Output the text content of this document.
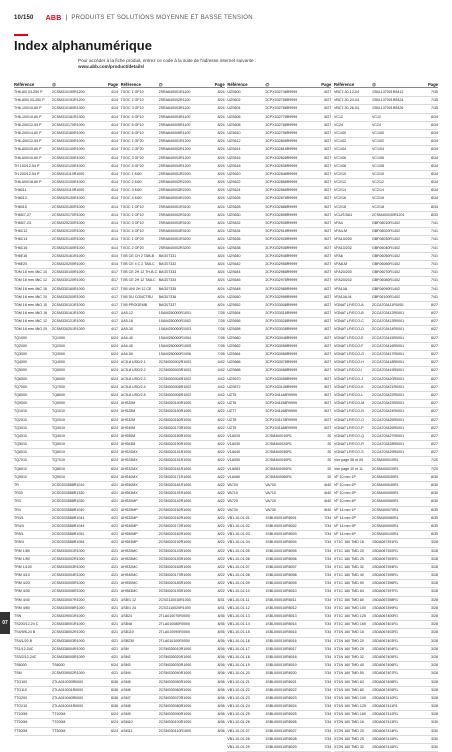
10/150 ABB | PRODUITS ET SOLUTIONS MOYENNE ET BASSE TENSION
Index alphanumérique
Pour accéder à la fiche produit, entrez ce code à la suite de l'adresse internet suivante :
www.abb.com/product/details/
Référence	@	Page
TH6-60/ 03-250 P	2CSM310190R1200	4/14
TH6-60/0 03-250 P	2CSM310191R1200	4/14
TH6-100/10-60 P	2CSM310180R1300	4/14
TH6-100/10-60 P	2CSM310181R1300	4/14
TH6-200/12-54 P	2CSM310170R1000	4/14
TH6-200/14-60 P	2CSM310160R1000	4/14
TH6-400/12-54 P	2CSM310150R1000	4/14
TH6-600/20-60 P	2CSM310140R1000	4/14
TH6-600/10-60 P	2CSM310130R1000	4/14
TH 100/12-54 P	2CSM310120R1000	4/14
TH 200/12-54 P	2CSM310110R1000	4/14
TH6-600/18-60 P	2CSM310100R1000	4/14
TH6011	2CSM320110R1000	4/14
TH6013	2CSM320130R1000	4/14
TH6015	2CSM320150R1000	4/14
TH65/7-27	2CSM320170R1000	4/14
TH65/7-23	2CSM320230R1000	4/14
TH6C12	2CSM320120R1000	4/14
TH6C14	2CSM320140R1000	4/14
TH6C16	2CSM320160R1000	4/14
TH6E16	2CSM320161R1000	4/14
TH6E20	2CSM320200R1000	4/14
TDM 18 mm 4NC 10	2CSM330100R1000	4/17
TDM 18 mm 4NC 12	2CSM330120R1000	4/17
TDM 18 mm 4NC 16	2CSM330160R1000	4/17
TDM 18 mm 4NC 20	2CSM330200R1000	4/17
TDM 18 mm 4NO 10	2CSM330101R1000	4/17
TDM 18 mm 4NO 16	2CSM330161R1000	4/17
TDM 18 mm 4NC 12	2CSM330121R1000	4/17
TDM 18 mm 4NO 20	2CSM330201R1000	4/17
TQ1000	TQ1000	6/24
TQ2000	TQ2000	6/24
TQ3000	TQ3000	6/24
TQ4000	TQ4000	6/24
TQ5000	TQ5000	6/24
TQ6000	TQ6000	6/24
TQ7000	TQ7000	6/24
TQ8000	TQ8000	6/24
TQ9000	TQ9000	6/24
TQ1010	TQ1010	6/24
TQ2010	TQ2010	6/24
TQ3010	TQ3010	6/24
TQ4010	TQ4010	6/24
TQ5010	TQ5010	6/24
TQ6010	TQ6010	6/24
TQ7010	TQ7010	6/24
TQ8010	TQ8010	6/24
TQ9010	TQ9010	6/24
TR	2CSG033588R1010	4/21
TR33	2CSG033588R1330	4/21
TR3	2CSG033588R1030	4/21
TR4	2CSG033588R1040	4/21
TR4/1	2CSG033588R1041	4/21
TR4/4	2CSG033588R1044	4/21
TR5/1	2CSG033588R1051	4/21
TR5/4	2CSG033588R1054	4/21
TRM 1/80	2CSM330001R1000	4/21
TRM 1/90	2CSM330002R1000	4/21
TRM 1/100	2CSM330003R1000	4/21
TRM 4/10	2CSM330004R1000	4/21
TRM 4/20	2CSM330005R1000	4/21
TRM 4/30	2CSM330006R1000	4/21
TRM 4/40	2CSM330007R1000	4/21
TRM 4/60	2CSM330008R1000	4/21
TSN	2CSM339001R1000	4/21
TS200/12-24 C	2CSM338001R1000	4/21
TS4/9/8-24 B	2CSM338002R1000	4/21
TS4/1/20 B	2CSM338003R1000	4/21
TS1/12-24C	2CSM338004R1000	4/21
TS3/2/12-24C	2CSM338005R1000	4/21
TS6000	TS6000	6/24
TSM	2CSM339002R1000	4/21
TTG100	2TLA010030R0000	8/36
TTG110	2TLA010031R0000	8/36
TTG200	2TLA010040R0000	8/36
TTG210	2TLA010041R0000	8/36
TT100M	TT100M	6/24
TT200M	TT200M	6/24
TT300M	TT300M	6/24
Référence	@	Page
TXOC 1 GF10	2SRA640001R1100	8/24
TXOC 2 GF10	2SRA640002R1100	8/24
TXOC 3 GF10	2SRA640003R1100	8/24
TXOC 4 GF10	2SRA640004R1100	8/24
TXOC 5 GF10	2SRA640005R1100	8/24
TXOC 6 GF10	2SRA640006R1100	8/24
TXOC 1 GF20	2SRA640001R1200	8/24
TXOC 2 GF20	2SRA640002R1200	8/24
TXOC 3 GF20	2SRA640003R1200	8/24
TXOC 4 GF20	2SRA640004R1200	8/24
TXOC 1 M20	2SRA640001R2200	8/24
TXOC 2 M20	2SRA640002R2200	8/24
TXOC 3 M20	2SRA640003R2200	8/24
TXOC 4 M20	2SRA640004R2200	8/24
TXOC 1 OF10	2SRA640001R3100	8/24
TXOC 2 OF10	2SRA640002R3100	8/24
TXOC 3 OF10	2SRA640003R3100	8/24
TXOC 4 OF10	2SRA640004R3100	8/24
TXOC 1 OF20	2SRA640001R3200	8/24
TXOC 2 OF20	2SRA640002R3200	8/24
TXB CE CH 2 TAB-B	BAG07331	8/24
TXB CE 4 C 2 TAB-C	BAG07332	8/24
TXB CE 2H 12 TH-B-C BAG07333	8/24
TXB CE 2H 12 TAB-C BAG07334	8/24
TXB UNI 2H 12 CE	BAG07335	8/24
TXB DU CONCTRU	BAG07336	8/24
TXB PROGEMB	BAG07337	8/24
UA5-12	1SAM250000R1001	7/28
UA5-16	1SAM250000R1002	7/28
UA5-30	1SAM250000R1003	7/28
UA5-40	1SAM250000R1004	7/28
UA5-45	1SAM250000R1005	7/28
UA5-50	1SAM250000R1006	7/28
UC5-8 USD/2.1	2CSM300002R1002	4/42
UC5-8 USD/2.2	2CSM300003R1002	4/42
UC5-8 USD/2.3	2CSM300004R1002	4/42
UC5-8 USD/2.4	2CSM300005R1002	4/42
UC5-8 USD/2.5	2CSM300006R1002	4/42
UHS20M	2CSM320140R1000	8/22
UHS25M	2CSM320150R1000	8/22
UHS32M	2CSM320160R1000	8/22
UHS40M	2CSM320170R1000	8/22
UHS50M	2CSM320180R1000	8/22
UHS63M	2CSM320190R1000	8/22
UHS20MX	2CSM320141R1000	8/22
UHS25MX	2CSM320151R1000	8/22
UHS32MX	2CSM320161R1000	8/22
UHS40MX	2CSM320171R1000	8/22
UHS50MX	2CSM320181R1000	8/22
UHS63MX	2CSM320191R1000	8/22
UHS20MP	2CSM320142R1000	8/22
UHS25MP	2CSM320152R1000	8/22
UHS32MP	2CSM320162R1000	8/22
UHS40MP	2CSM320172R1000	8/22
UHS50MP	2CSM320182R1000	8/22
UHS63MP	2CSM320192R1000	8/22
UHS20MC	2CSM320143R1000	8/22
UHS25MC	2CSM320153R1000	8/22
UHS32MC	2CSM320163R1000	8/22
UHS40MC	2CSM320173R1000	8/22
UHS50MC	2CSM320183R1000	8/22
UHS63MC	2CSM320193R1000	8/22
USB/1 12	2CSG110010R1000	8/31
USB/1 24	2CSG110020R1000	8/31
USB24	2TLA010070R0000	8/36
USB48	2TLA010080R0000	8/36
USB110	2TLA010090R0000	8/36
USB230	2TLA010100R0000	8/36
USM	2CSM330010R1000	8/36
USM2	2CSM330020R1000	8/36
USM3	2CSM330030R1000	8/36
USM4	2CSM330040R1000	8/36
USM5	2CSM330050R1000	8/36
USM6	2CSM330060R1000	8/36
USM7	2CSM330070R1000	8/36
USM8	2CSM330080R1000	8/36
USM9	2CSM330090R1000	8/36
USM10	2CSM330100R1000	8/36
USM11	2CSM330110R1000	8/36
Référence	@	Page
UZS600	2CPX032748R9999	8/27
UZS602	2CPX032758R9999	8/27
UZS604	2CPX032768R9999	8/27
UZS606	2CPX032778R9999	8/27
UZS608	2CPX032788R9999	8/27
UZS610	2CPX032798R9999	8/27
UZS612	2CPX032808R9999	8/27
UZS614	2CPX032818R9999	8/27
UZS616	2CPX032828R9999	8/27
UZS618	2CPX032838R9999	8/27
UZS620	2CPX032848R9999	8/27
UZS622	2CPX032858R9999	8/27
UZS624	2CPX032868R9999	8/27
UZS626	2CPX032878R9999	8/27
UZS628	2CPX032888R9999	8/27
UZS630	2CPX032898R9999	8/27
UZS632	2CPX032908R9999	8/27
UZS634	2CPX032918R9999	8/27
UZS636	2CPX032928R9999	8/27
UZS638	2CPX032938R9999	8/27
UZS640	2CPX032948R9999	8/27
UZS642	2CPX032958R9999	8/27
UZS644	2CPX032968R9999	8/27
UZS646	2CPX032978R9999	8/27
UZS648	2CPX032988R9999	8/27
UZS650	2CPX032998R9999	8/27
UZS652	2CPX033008R9999	8/27
UZS654	2CPX033018R9999	8/27
UZS656	2CPX033028R9999	8/27
UZS658	2CPX033038R9999	8/27
UZS660	2CPX033048R9999	8/27
UZS662	2CPX033058R9999	8/27
UZS664	2CPX033068R9999	8/27
UZS666	2CPX033078R9999	8/27
UZS668	2CPX033088R9999	8/27
UZS670	2CPX033098R9999	8/27
UZS672	2CPX033108R9999	8/27
UZT5	2CPX041148R9999	8/27
UZT6	2CPX041158R9999	8/27
UZT7	2CPX041168R9999	8/27
UZT8	2CPX041178R9999	8/27
UZT9	2CPX041188R9999	8/27
V1A025	2CSM400010R1	20
V1A030	2CSM400020R1	20
V1A040	2CSM400030R1	20
V1A050	2CSM400040R1	20
V1A063	2CSM400050R1	20
V1A080	2CSM400060R1	20
VA700	VA700	8/40
VA710	VA710	8/40
VA720	VA720	8/40
VA730	VA730	8/40
VB1-10-01-01	1SBL000010R8001	7/34
VB1-10-01-02	1SBL000010R8002	7/34
VB1-10-01-03	1SBL000010R8003	7/34
VB1-10-01-04	1SBL000010R8004	7/34
VB1-10-01-05	1SBL000010R8005	7/34
VB1-10-01-06	1SBL000010R8006	7/34
VB1-10-01-07	1SBL000010R8007	7/34
VB1-10-01-08	1SBL000010R8008	7/34
VB1-10-01-09	1SBL000010R8009	7/34
VB1-10-01-10	1SBL000010R8010	7/34
VB1-10-01-11	1SBL000010R8011	7/34
VB1-10-01-12	1SBL000010R8012	7/34
VB1-10-01-13	1SBL000010R8013	7/34
VB1-10-01-14	1SBL000010R8014	7/34
VB1-10-01-15	1SBL000010R8015	7/34
VB1-10-01-16	1SBL000010R8016	7/34
VB1-10-01-17	1SBL000010R8017	7/34
VB1-10-01-18	1SBL000010R8018	7/34
VB1-10-01-19	1SBL000010R8019	7/34
VB1-10-01-20	1SBL000010R8020	7/34
VB1-10-01-21	1SBL000010R8021	7/34
VB1-10-01-22	1SBL000010R8022	7/34
VB1-10-01-23	1SBL000010R8023	7/34
VB1-10-01-24	1SBL000010R8024	7/34
VB1-10-01-25	1SBL000010R8025	7/34
VB1-10-01-26	1SBL000010R8026	7/34
VB1-10-01-27	1SBL000010R8027	7/34
VB1-10-01-28	1SBL000010R8028	7/34
VB1-10-01-29	1SBL000010R8029	7/34
Référence	@	Page
VBCT-30-12-04	1SBL137001R8412	7/35
VBCT-30-24-04	1SBL137001R8424	7/35
VBCT-30-26-04	1SBL137001R8426	7/35
VC12	VC12	8/34
VC24	VC24	8/34
VC1/00	VC1/00	8/34
VC1/02	VC1/02	8/34
VC1/04	VC1/04	8/34
VC1/06	VC1/06	8/34
VC1/08	VC1/08	8/34
VC2/10	VC2/10	8/34
VC2/12	VC2/12	8/34
VC2/14	VC2/14	8/34
VC2/16	VC2/16	8/34
VC2/18	VC2/18	8/34
VCU/3 BA1	2CSM400030R1201	8/33
VFA4	GBF06010R1402	7/41
VFA4-M	GBF06020R1402	7/41
VFA10/200	GBF06030R1402	7/41
VFA10/202	GBF06040R1402	7/41
VFA8	GBF06050R1402	7/41
VFA8-M	GBF06060R1402	7/41
VFA20/200	GBF06070R1402	7/41
VFA20/202	GBF06080R1402	7/41
VFA10A	GBF06090R1402	7/41
VFA10A-M	GBF06100R1402	7/41
VGNAT LF/ECO-A	2CCA703411R0001	8/27
VGNAT LF/ECO-B	2CCA703412R0001	8/27
VGNAT LF/ECO-C	2CCA703413R0001	8/27
VGNAT LF/ECO-D	2CCA703414R0001	8/27
VGNAT LF/ECO-E	2CCA703415R0001	8/27
VGNAT LF/ECO-F	2CCA703416R0001	8/27
VGNAT LF/ECO-G	2CCA703417R0001	8/27
VGNAT LF/ECO-H	2CCA703418R0001	8/27
VGNAT LF/ECO-I	2CCA703419R0001	8/27
VGNAT LF/ECO-J	2CCA703420R0001	8/27
VGNAT LF/ECO-K	2CCA703421R0001	8/27
VGNAT LF/ECO-L	2CCA703422R0001	8/27
VGNAT LF/ECO-M	2CCA703423R0001	8/27
VGNAT LF/ECO-N	2CCA703424R0001	8/27
VGNAT LF/ECO-O	2CCA703425R0001	8/27
VGNAT LF/ECO-P	2CCA703426R0001	8/27
VGNAT LF/ECO-Q	2CCA703427R0001	8/27
VGNAT LF/ECO-R	2CCA703428R0001	8/27
VGNAT LF/ECO-S	2CCA703429R0001	8/27
Voir page 08 et 09	2CSM400010R1	7/20
Voir page 10 et 11	2CSM400020R1	7/20
VF 10 mm 1P	2CSM400030R1	8/30
VF 10 mm 2P	2CSM400040R1	8/30
VF 10 mm 3P	2CSM400050R1	8/30
VF 10 mm 4P	2CSM400060R1	8/30
VF 14 mm 1P	2CSM400070R1	8/30
VF 14 mm 2P	2CSM400080R1	8/30
VF 14 mm 3P	2CSM400090R1	8/30
VF 14 mm 4P	2CSM400100R1	8/30
XT1C 160 TMD 16	1SDA067391R1	3/28
XT1C 160 TMD 20	1SDA067392R1	3/28
XT1C 160 TMD 25	1SDA067393R1	3/28
XT1C 160 TMD 32	1SDA067394R1	3/28
XT1C 160 TMD 40	1SDA067395R1	3/28
XT1C 160 TMD 50	1SDA067396R1	3/28
XT1C 160 TMD 63	1SDA067397R1	3/28
XT1C 160 TMD 80	1SDA067398R1	3/28
XT1C 160 TMD 100	1SDA067399R1	3/28
XT1C 160 TMD 125	1SDA067400R1	3/28
XT1C 160 TMD 160	1SDA067401R1	3/28
XT1N 160 TMD 16	1SDA067402R1	3/28
XT1N 160 TMD 20	1SDA067403R1	3/28
XT1N 160 TMD 25	1SDA067404R1	3/28
XT1N 160 TMD 32	1SDA067405R1	3/28
XT1N 160 TMD 40	1SDA067406R1	3/28
XT1N 160 TMD 50	1SDA067407R1	3/28
XT1N 160 TMD 63	1SDA067408R1	3/28
XT1N 160 TMD 80	1SDA067409R1	3/28
XT1N 160 TMD 100	1SDA067410R1	3/28
XT1N 160 TMD 125	1SDA067411R1	3/28
XT1N 160 TMD 160	1SDA067412R1	3/28
XT2N 160 TMD 16	1SDA067413R1	3/30
XT2N 160 TMD 20	1SDA067414R1	3/30
XT2N 160 TMD 25	1SDA067415R1	3/30
XT2N 160 TMD 32	1SDA067416R1	3/30
07
